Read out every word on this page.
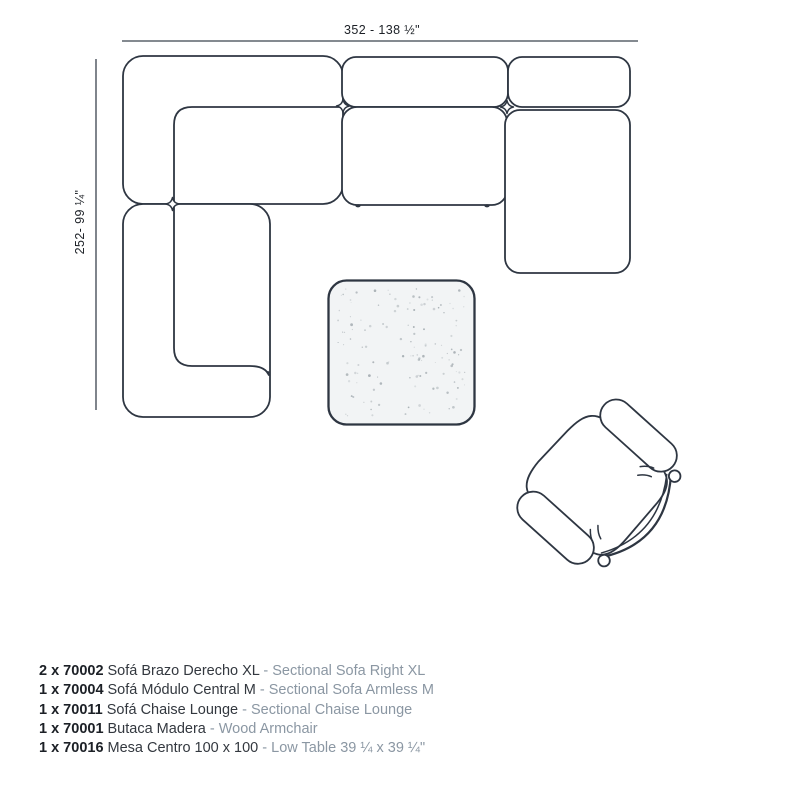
352 - 138 ½"
252- 99 ¼"
2 x 70002 Sofá Brazo Derecho XL - Sectional Sofa Right XL
1 x 70004 Sofá Módulo Central M - Sectional Sofa Armless M
1 x 70011 Sofá Chaise Lounge - Sectional Chaise Lounge
1 x 70001 Butaca Madera - Wood Armchair
1 x 70016 Mesa Centro 100 x 100 - Low Table 39 ¼ x 39 ¼"
